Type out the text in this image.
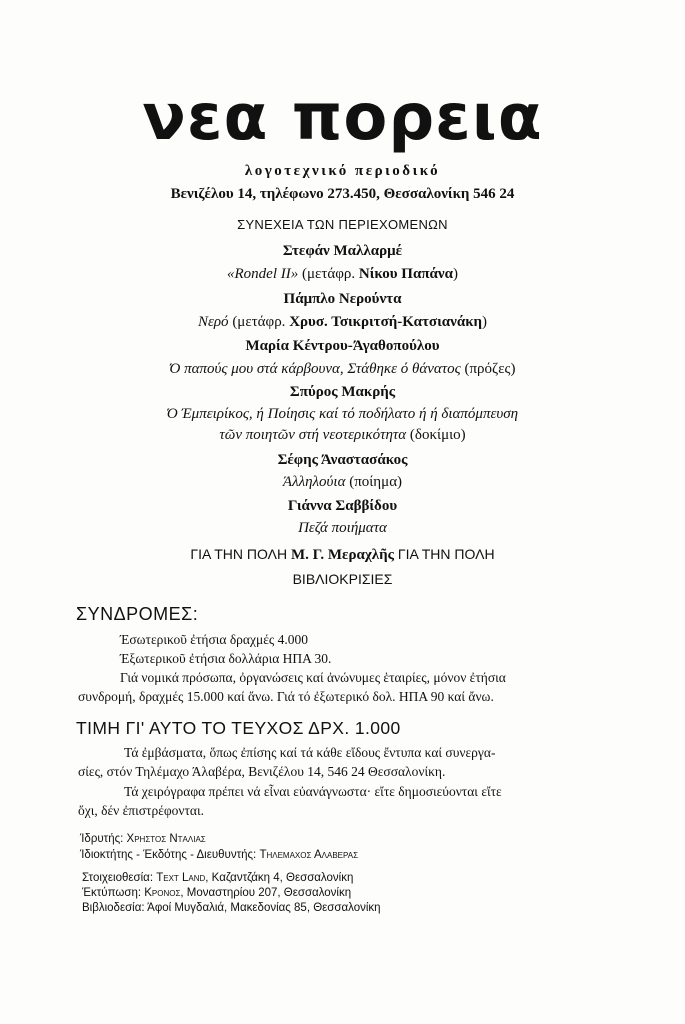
νεα πορεια
λογοτεχνικό περιοδικό
Βενιζέλου 14, τηλέφωνο 273.450, Θεσσαλονίκη 546 24
ΣΥΝΕΧΕΙΑ ΤΩΝ ΠΕΡΙΕΧΟΜΕΝΩΝ
Στεφάν Μαλλαρμέ
«Rondel II» (μετάφρ. Νίκου Παπάνα)
Πάμπλο Νερούντα
Νερό (μετάφρ. Χρυσ. Τσικριτσή-Κατσιανάκη)
Μαρία Κέντρου-Άγαθοπούλου
Ό παπούς μου στά κάρβουνα, Στάθηκε ό θάνατος (πρόζες)
Σπύρος Μακρής
Ό Έμπειρίκος, ή Ποίησις καί τό ποδήλατο ή ή διαπόμπευση
τῶν ποιητῶν στή νεοτερικότητα (δοκίμιο)
Σέφης Άναστασάκος
Άλληλούια (ποίημα)
Γιάννα Σαββίδου
Πεζά ποιήματα
ΓΙΑ ΤΗΝ ΠΟΛΗ Μ. Γ. Μεραχλῆς ΓΙΑ ΤΗΝ ΠΟΛΗ
ΒΙΒΛΙΟΚΡΙΣΙΕΣ
ΣΥΝΔΡΟΜΕΣ:
Έσωτερικοῦ ἐτήσια δραχμές 4.000
Έξωτερικοῦ ἐτήσια δολλάρια ΗΠΑ 30.
Γιά νομικά πρόσωπα, ὀργανώσεις καί ἀνώνυμες ἑταιρίες, μόνον ἐτήσια
συνδρομή, δραχμές 15.000 καί ἄνω. Γιά τό ἐξωτερικό δολ. ΗΠΑ 90 καί ἄνω.
ΤΙΜΗ ΓΙ' ΑΥΤΟ ΤΟ ΤΕΥΧΟΣ ΔΡΧ. 1.000
Τά ἐμβάσματα, ὅπως ἐπίσης καί τά κάθε εἴδους ἔντυπα καί συνεργα-
σίες, στόν Τηλέμαχο Άλαβέρα, Βενιζέλου 14, 546 24 Θεσσαλονίκη.
Τά χειρόγραφα πρέπει νά εἶναι εὐανάγνωστα· εἴτε δημοσιεύονται εἴτε
ὄχι, δέν ἐπιστρέφονται.
Ίδρυτής: Χρηστος Ντaλιας
Ίδιοκτήτης - Έκδότης - Διευθυντής: Τηλεμαχος Αλαβερας
Στοιχειοθεσία: Text Land, Καζαντζάκη 4, Θεσσαλονίκη
Έκτύπωση: Κρονος, Μοναστηρίου 207, Θεσσαλονίκη
Βιβλιοδεσία: Άφοί Μυγδαλιά, Μακεδονίας 85, Θεσσαλονίκη
